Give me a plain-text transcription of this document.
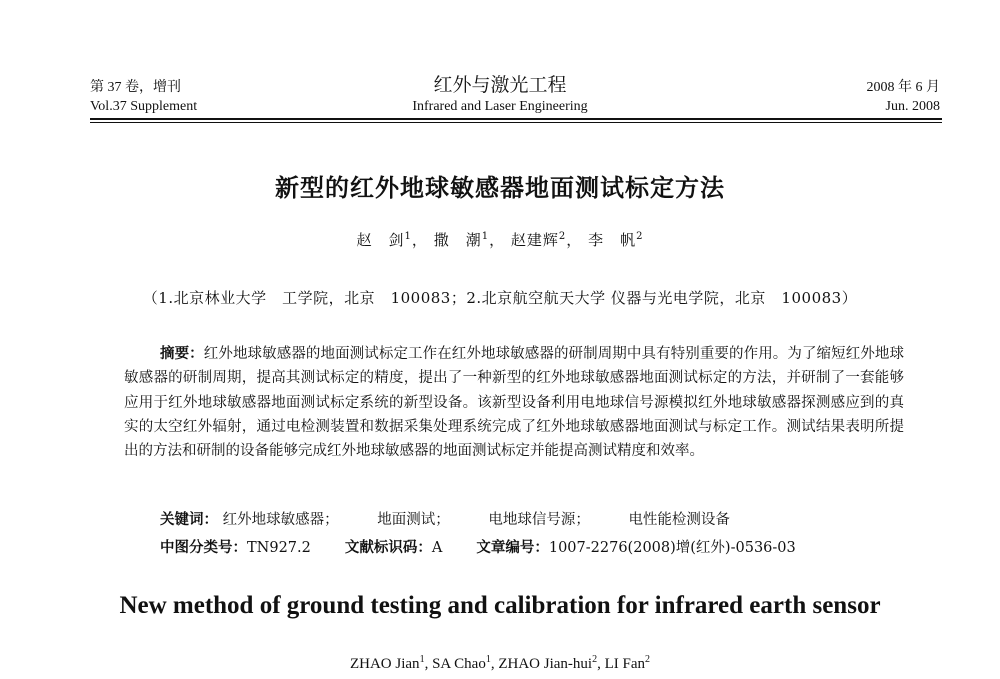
第 37 卷，增刊
Vol.37 Supplement
红外与激光工程
Infrared and Laser Engineering
2008 年 6 月
Jun. 2008
新型的红外地球敏感器地面测试标定方法
赵　剑$^1$， 撒　潮$^1$， 赵建辉$^2$， 李　帆$^2$
（1.北京林业大学　工学院，北京　100083；2.北京航空航天大学 仪器与光电学院，北京　100083）
摘要：红外地球敏感器的地面测试标定工作在红外地球敏感器的研制周期中具有特别重要的作用。为了缩短红外地球敏感器的研制周期，提高其测试标定的精度，提出了一种新型的红外地球敏感器地面测试标定的方法，并研制了一套能够应用于红外地球敏感器地面测试标定系统的新型设备。该新型设备利用电地球信号源模拟红外地球敏感器探测感应到的真实的太空红外辐射，通过电检测装置和数据采集处理系统完成了红外地球敏感器地面测试与标定工作。测试结果表明所提出的方法和研制的设备能够完成红外地球敏感器的地面测试标定并能提高测试精度和效率。
关键词： 红外地球敏感器；	地面测试；	电地球信号源；	电性能检测设备
中图分类号：TN927.2 文献标识码：A 文章编号：1007-2276(2008)增(红外)-0536-03
New method of ground testing and calibration for infrared earth sensor
ZHAO Jian$^1$, SA Chao$^1$, ZHAO Jian-hui$^2$, LI Fan$^2$
